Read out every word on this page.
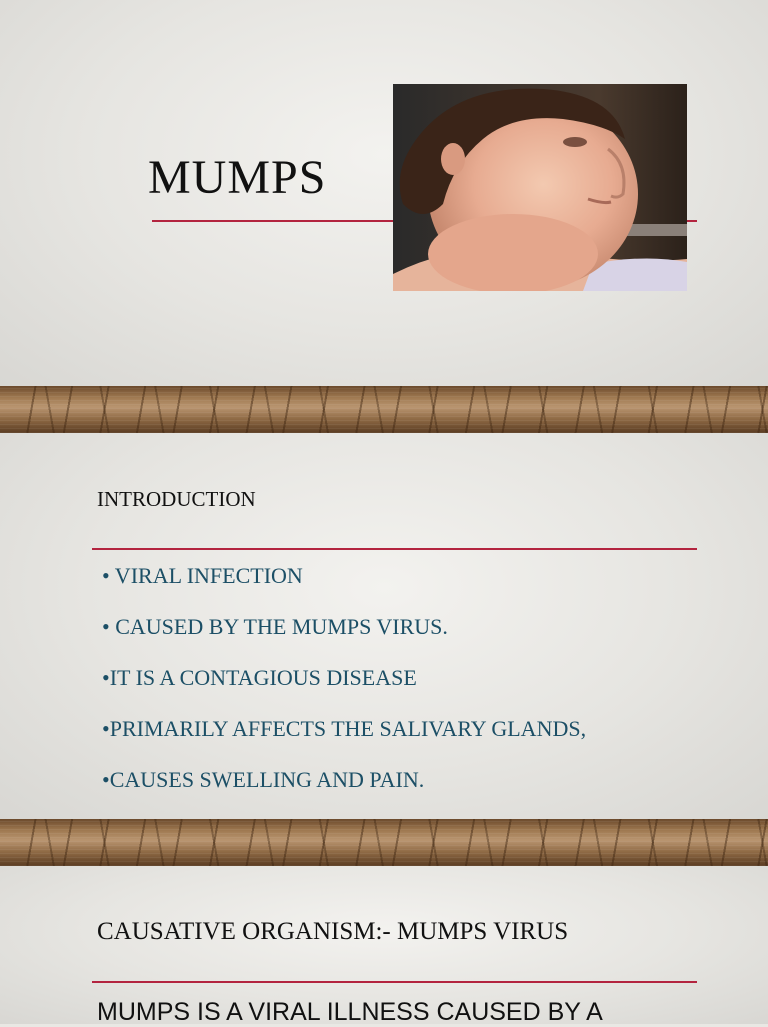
MUMPS
INTRODUCTION
• VIRAL INFECTION
• CAUSED BY THE MUMPS VIRUS.
•IT IS A CONTAGIOUS DISEASE
•PRIMARILY AFFECTS THE SALIVARY GLANDS,
•CAUSES SWELLING AND PAIN.
CAUSATIVE ORGANISM:- MUMPS VIRUS
MUMPS IS A VIRAL ILLNESS CAUSED BY A
